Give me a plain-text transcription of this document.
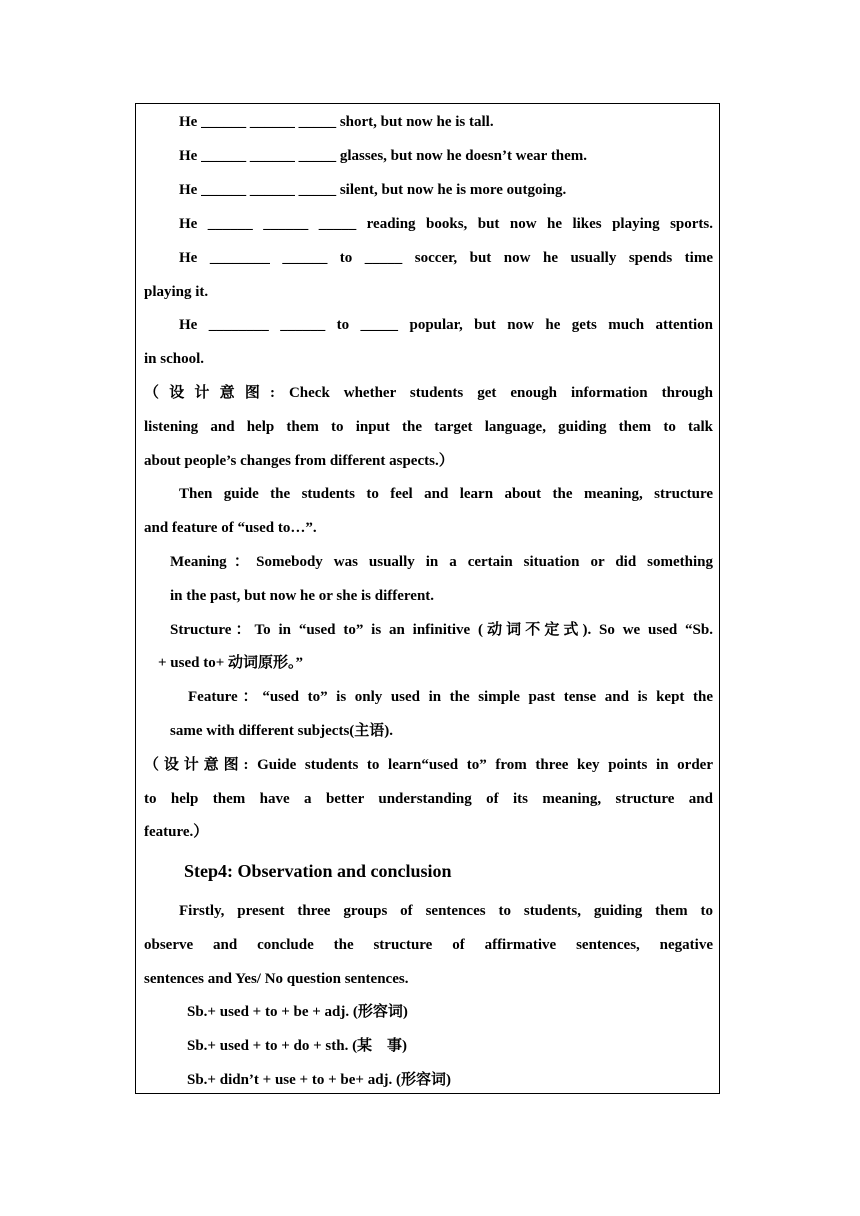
He ______ ______ _____ short, but now he is tall.

He ______ ______ _____ glasses, but now he doesn’t wear them.

He ______ ______ _____ silent, but now he is more outgoing.

He ______ ______ _____ reading books, but now he likes playing sports.

He ________ ______ to _____ soccer, but now he usually spends time

playing it.

He ________ ______ to _____ popular, but now he gets much attention

in school.

（设计意图: Check whether students get enough information through

listening and help them to input the target language, guiding them to talk

about people’s changes from different aspects.）

Then guide the students to feel and learn about the meaning, structure

and feature of “used to…”.

Meaning：Somebody was usually in a certain situation or did something

in the past, but now he or she is different.

Structure：To in “used to” is an infinitive (动词不定式). So we used “Sb.

+ used to+ 动词原形。”

Feature：“used to” is only used in the simple past tense and is kept the

same with different subjects(主语).

（设计意图: Guide students to learn“used to” from three key points in order

to help them have a better understanding of its meaning, structure and

feature.）

Step4: Observation and conclusion

Firstly, present three groups of sentences to students, guiding them to

observe and conclude the structure of affirmative sentences, negative

sentences and Yes/ No question sentences.

Sb.+ used + to + be + adj. (形容词)

Sb.+ used + to + do + sth. (某　事)

Sb.+ didn’t + use + to + be+ adj. (形容词)
